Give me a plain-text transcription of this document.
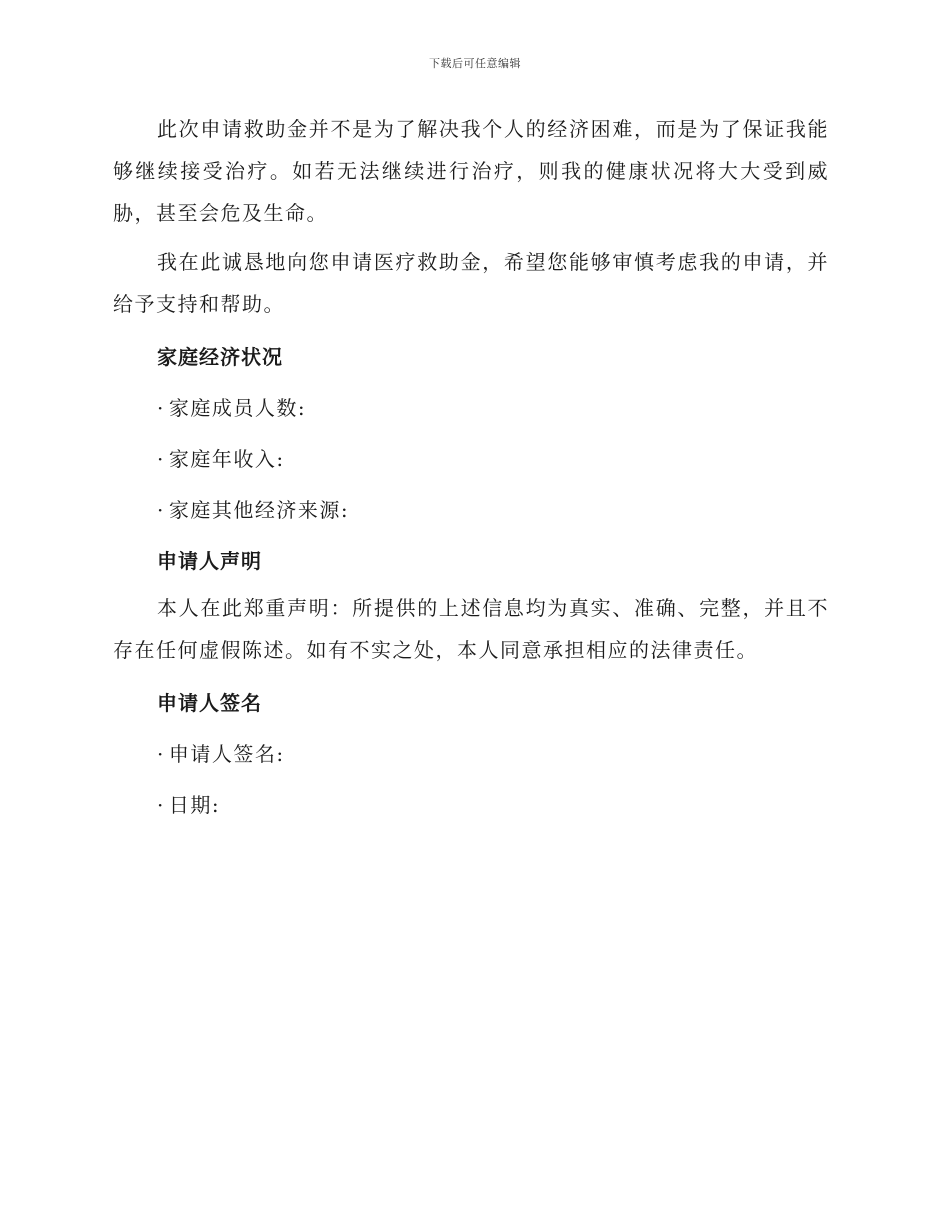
下载后可任意编辑

此次申请救助金并不是为了解决我个人的经济困难，而是为了保证我能够继续接受治疗。如若无法继续进行治疗，则我的健康状况将大大受到威胁，甚至会危及生命。

我在此诚恳地向您申请医疗救助金，希望您能够审慎考虑我的申请，并给予支持和帮助。

家庭经济状况

· 家庭成员人数:

· 家庭年收入:

· 家庭其他经济来源:

申请人声明

本人在此郑重声明：所提供的上述信息均为真实、准确、完整，并且不存在任何虚假陈述。如有不实之处，本人同意承担相应的法律责任。

申请人签名

· 申请人签名:

· 日期:
